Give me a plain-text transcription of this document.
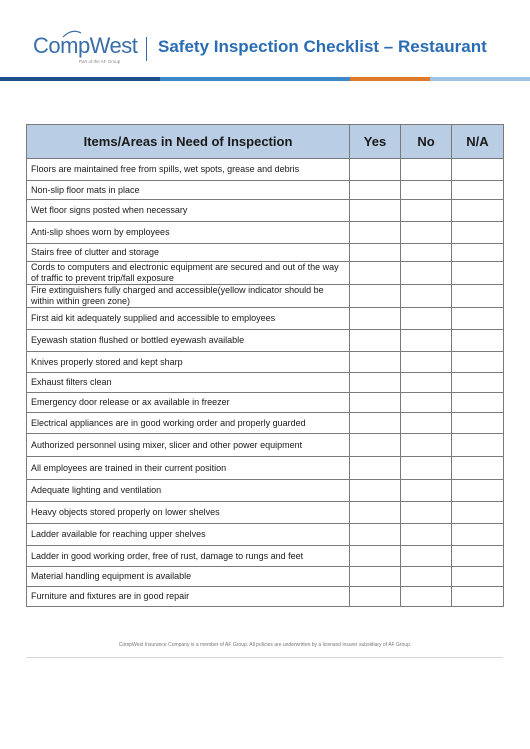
CompWest
Part of the AF Group
Safety Inspection Checklist – Restaurant
Items/Areas in Need of Inspection	Yes	No	N/A
Floors are maintained free from spills, wet spots, grease and debris			
Non-slip floor mats in place			
Wet floor signs posted when necessary			
Anti-slip shoes worn by employees			
Stairs free of clutter and storage			
Cords to computers and electronic equipment are secured and out of the way of traffic to prevent trip/fall exposure			
Fire extinguishers fully charged and accessible(yellow indicator should be within within green zone)			
First aid kit adequately supplied and accessible to employees			
Eyewash station flushed or bottled eyewash available			
Knives properly stored and kept sharp			
Exhaust filters clean			
Emergency door release or ax available in freezer			
Electrical appliances are in good working order and properly guarded			
Authorized personnel using mixer, slicer and other power equipment			
All employees are trained in their current position			
Adequate lighting and ventilation			
Heavy objects stored properly on lower shelves			
Ladder available for reaching upper shelves			
Ladder in good working order, free of rust, damage to rungs and feet			
Material handling equipment is available			
Furniture and fixtures are in good repair			
CompWest Insurance Company is a member of AF Group. All policies are underwritten by a licensed insurer subsidiary of AF Group.
